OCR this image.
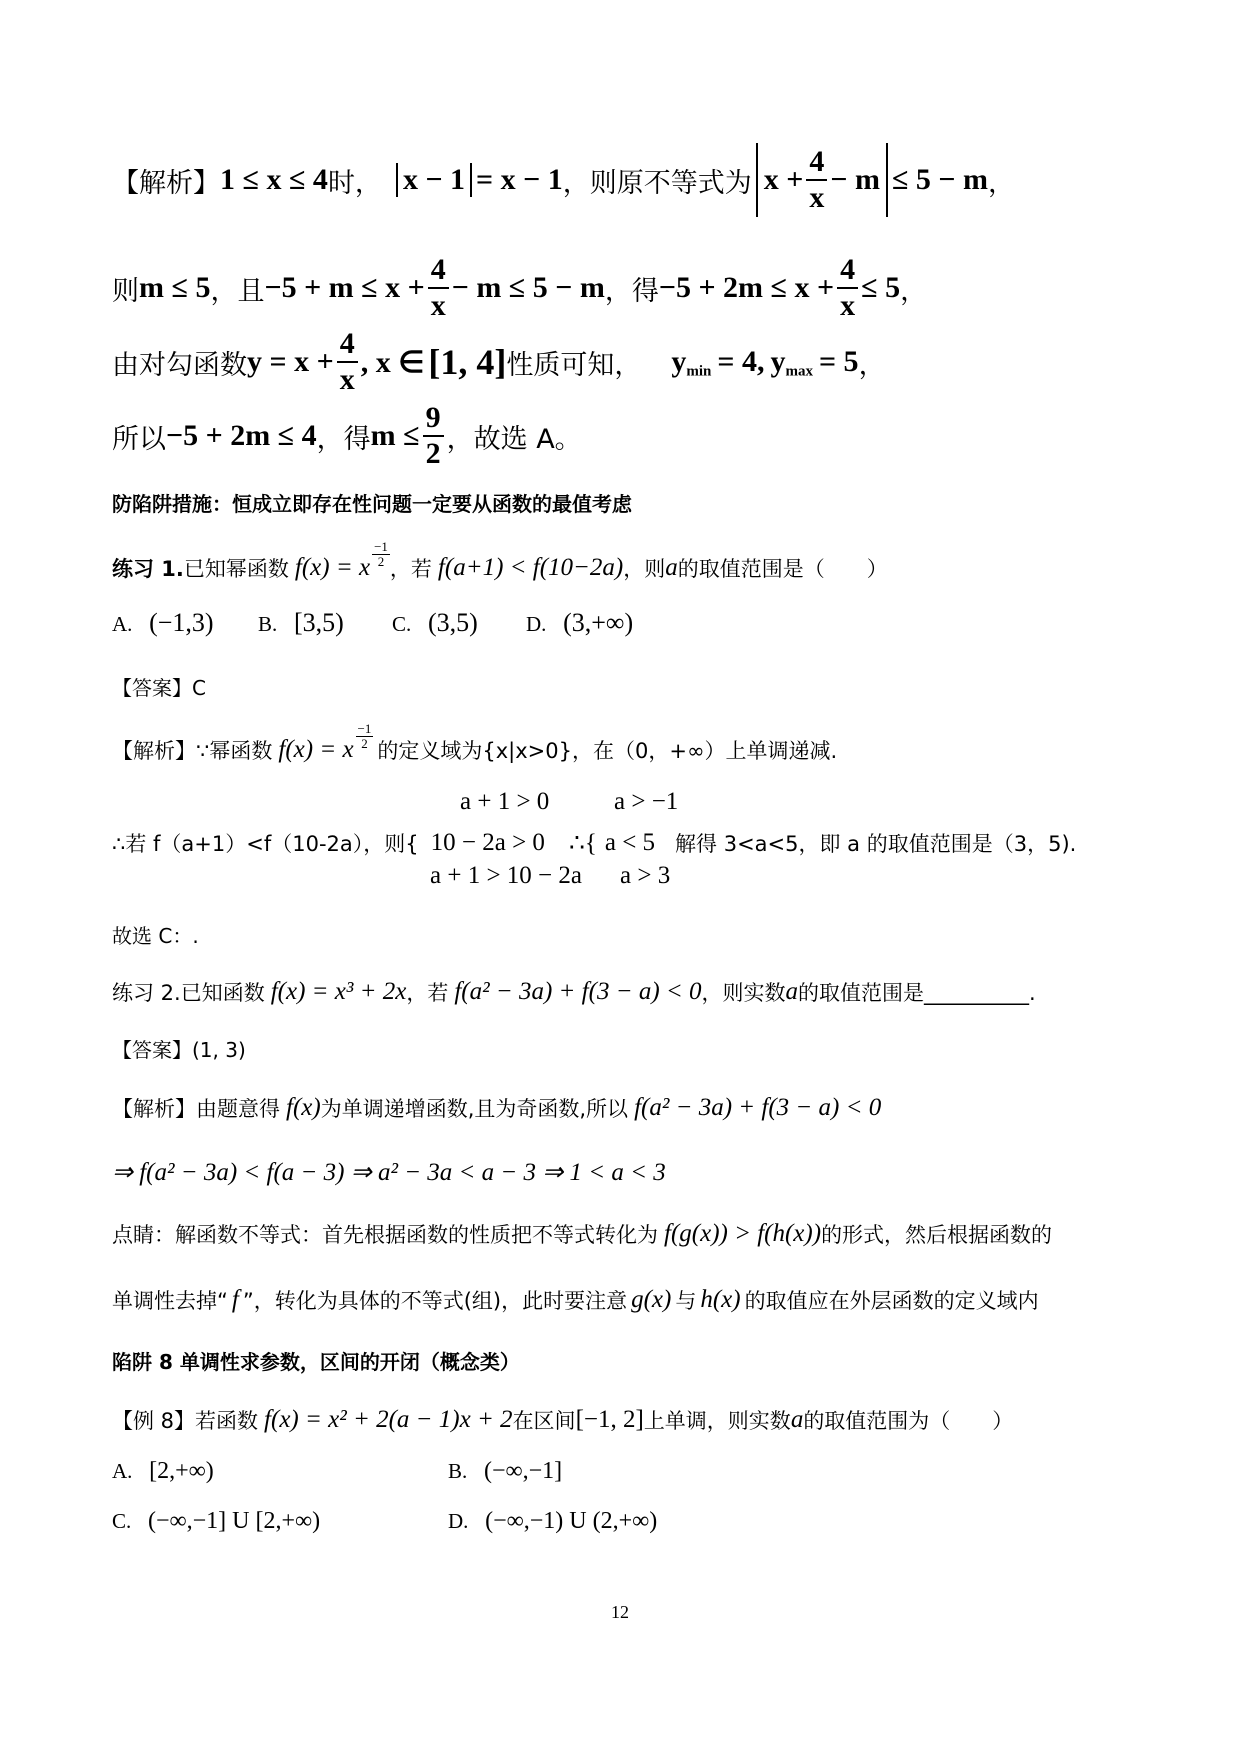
【解析】 1 ≤ x ≤ 4 时， x − 1 = x − 1 ，则原不等式为 $x + \frac{4}{x} - m \le 5 - m$ ，
则 m ≤ 5 ，且 $-5 + m \le x + \frac{4}{x} - m \le 5 - m$ ，得 $-5 + 2m \le x + \frac{4}{x} \le 5$ ，
由对勾函数 $y = x + \frac{4}{x}$ , x ∈ [1, 4] 性质可知， $y_{min} = 4$, $y_{max} = 5$ ，
所以 −5 + 2m ≤ 4 ，得 $m \le \frac{9}{2}$ ，故选 A。
防陷阱措施：恒成立即存在性问题一定要从函数的最值考虑
练习 1. 已知幂函数 f(x) = x $\frac{-1}{2}$
，若 f(a+1) < f(10−2a) ，则 a 的取值范围是（　　）
A. (−1,3) B. [3,5) C. (3,5) D. (3,+∞)
【答案】C
【解析】 ∵幂函数 f(x) = x $\frac{-1}{2}$
的定义域为{x|x>0}，在（0，+∞）上单调递减.
a + 1 > 0	a > −1
∴若 f（a+1）<f（10-2a），则{ 10 − 2a > 0 ∴{ a < 5 解得 3<a<5，即 a 的取值范围是（3，5).
a + 1 > 10 − 2a a > 3
故选 C：.
练习 2. 已知函数 f(x) = x³ + 2x ，若 f(a² − 3a) + f(3 − a) < 0 ，则实数 a 的取值范围是__________.
【答案】(1, 3)
【解析】 由题意得 f(x) 为单调递增函数,且为奇函数,所以 f(a² − 3a) + f(3 − a) < 0
⇒ f(a² − 3a) < f(a − 3) ⇒ a² − 3a < a − 3 ⇒ 1 < a < 3
点睛：解函数不等式：首先根据函数的性质把不等式转化为 f(g(x)) > f(h(x)) 的形式，然后根据函数的
单调性去掉“ f ”，转化为具体的不等式(组)，此时要注意 g(x) 与 h(x) 的取值应在外层函数的定义域内
陷阱 8 单调性求参数，区间的开闭（概念类）
【例 8】 若函数 f(x) = x² + 2(a − 1)x + 2 在区间 [−1, 2] 上单调，则实数 a 的取值范围为（　　）
A. [2,+∞)	B. (−∞,−1]
C. (−∞,−1] U [2,+∞)	D. (−∞,−1) U (2,+∞)
12
